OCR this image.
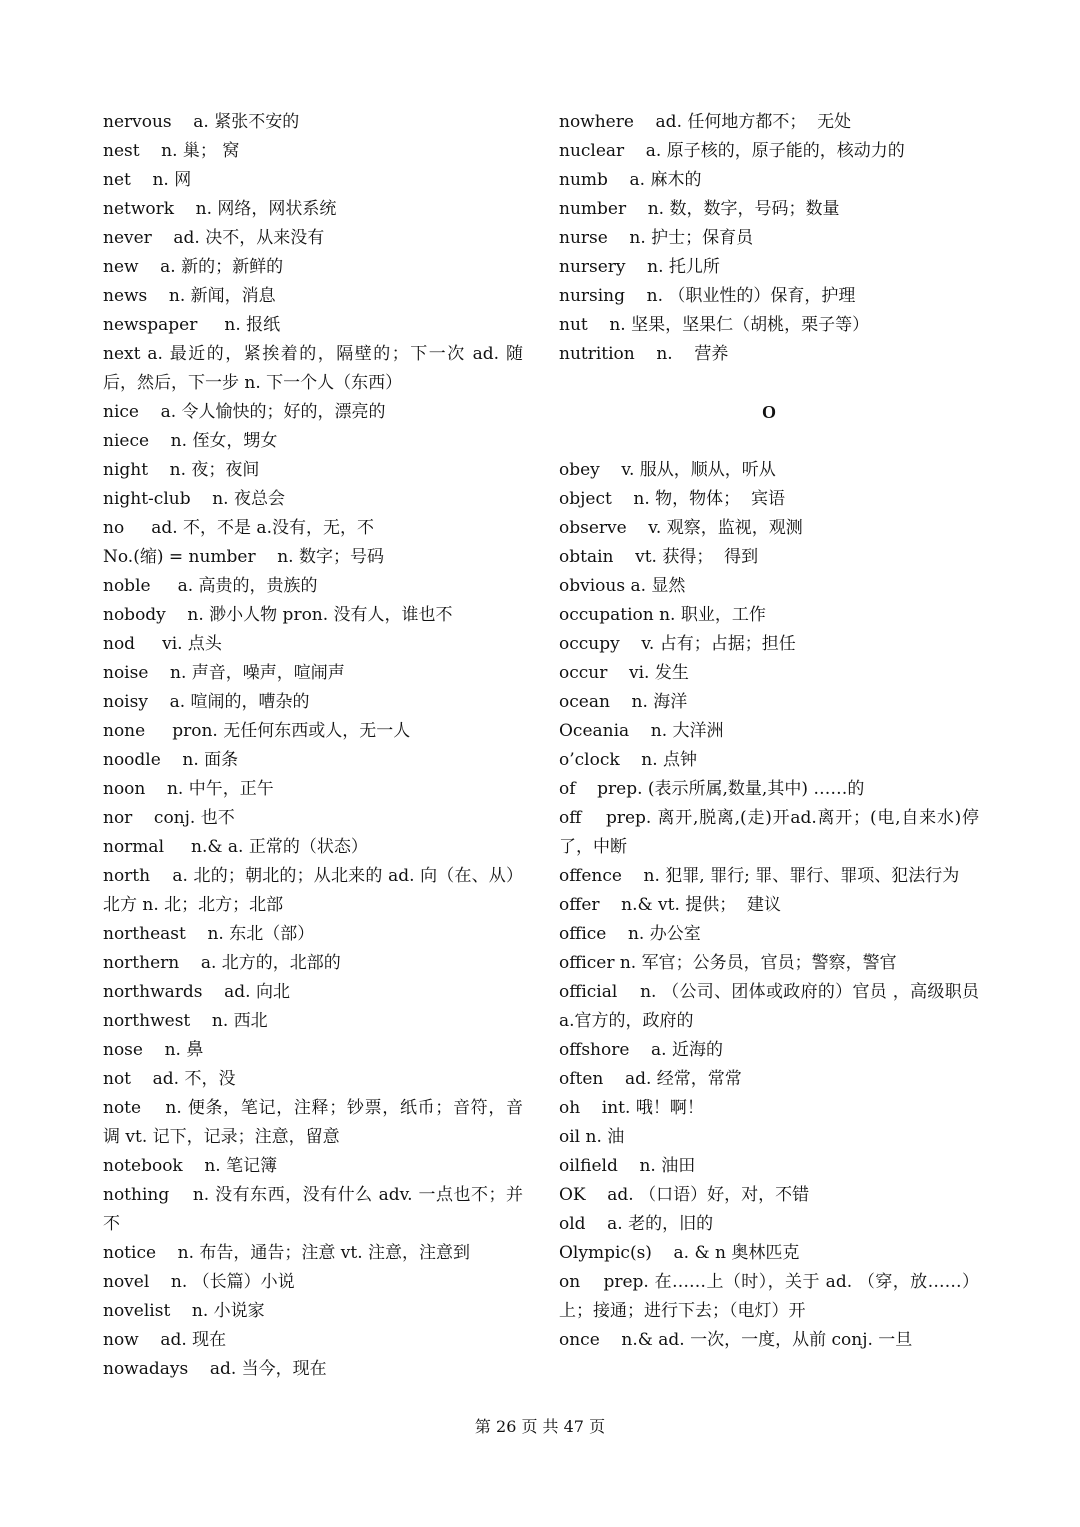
nervous    a. 紧张不安的

nest    n. 巢； 窝

net    n. 网

network    n. 网络，网状系统

never    ad. 决不，从来没有

new    a. 新的；新鲜的

news    n. 新闻，消息

newspaper     n. 报纸

next a. 最近的，紧挨着的，隔壁的；下一次 ad. 随后，然后，下一步 n. 下一个人（东西）

nice    a. 令人愉快的；好的，漂亮的

niece    n. 侄女，甥女

night    n. 夜；夜间

night-club    n. 夜总会

no     ad. 不，不是 a.没有，无，不

No.(缩) = number    n. 数字；号码

noble     a. 高贵的，贵族的

nobody    n. 渺小人物 pron. 没有人，谁也不

nod     vi. 点头

noise    n. 声音，噪声，喧闹声

noisy    a. 喧闹的，嘈杂的

none     pron. 无任何东西或人，无一人

noodle    n. 面条

noon    n. 中午，正午

nor    conj. 也不

normal     n.& a. 正常的（状态）

north    a. 北的；朝北的；从北来的 ad. 向（在、从）北方 n. 北；北方；北部

northeast    n. 东北（部）

northern    a. 北方的，北部的

northwards    ad. 向北

northwest    n. 西北

nose    n. 鼻

not    ad. 不，没

note    n. 便条，笔记，注释；钞票，纸币；音符，音调 vt. 记下，记录；注意，留意

notebook    n. 笔记簿

nothing    n. 没有东西，没有什么 adv. 一点也不；并不

notice    n. 布告，通告；注意 vt. 注意，注意到

novel    n. （长篇）小说

novelist    n. 小说家

now    ad. 现在

nowadays    ad. 当今，现在

nowhere    ad. 任何地方都不；  无处

nuclear    a. 原子核的，原子能的，核动力的

numb    a. 麻木的

number    n. 数，数字，号码；数量

nurse    n. 护士；保育员

nursery    n. 托儿所

nursing    n. （职业性的）保育，护理

nut    n. 坚果，坚果仁（胡桃，栗子等）

nutrition    n.    营养

O

obey    v. 服从，顺从，听从

object    n. 物，物体；  宾语

observe    v. 观察，监视，观测

obtain    vt. 获得；  得到

obvious a. 显然

occupation n. 职业，工作

occupy    v. 占有；占据；担任

occur    vi. 发生

ocean    n. 海洋

Oceania    n. 大洋洲

o’clock    n. 点钟

of    prep. (表示所属,数量,其中) ……的

off    prep. 离开,脱离,(走)开ad.离开；(电,自来水)停了，中断

offence    n. 犯罪, 罪行; 罪、罪行、罪项、犯法行为

offer    n.& vt. 提供；  建议

office    n. 办公室

officer n. 军官；公务员，官员；警察，警官

official    n. （公司、团体或政府的）官员 ，高级职员 a.官方的，政府的

offshore    a. 近海的

often    ad. 经常，常常

oh    int. 哦！啊！

oil n. 油

oilfield    n. 油田

OK    ad. （口语）好，对，不错

old    a. 老的，旧的

Olympic(s)    a. & n 奥林匹克

on    prep. 在……上（时），关于 ad. （穿，放……）上；接通；进行下去；（电灯）开

once    n.& ad. 一次，一度，从前 conj. 一旦

第 26 页 共 47 页
